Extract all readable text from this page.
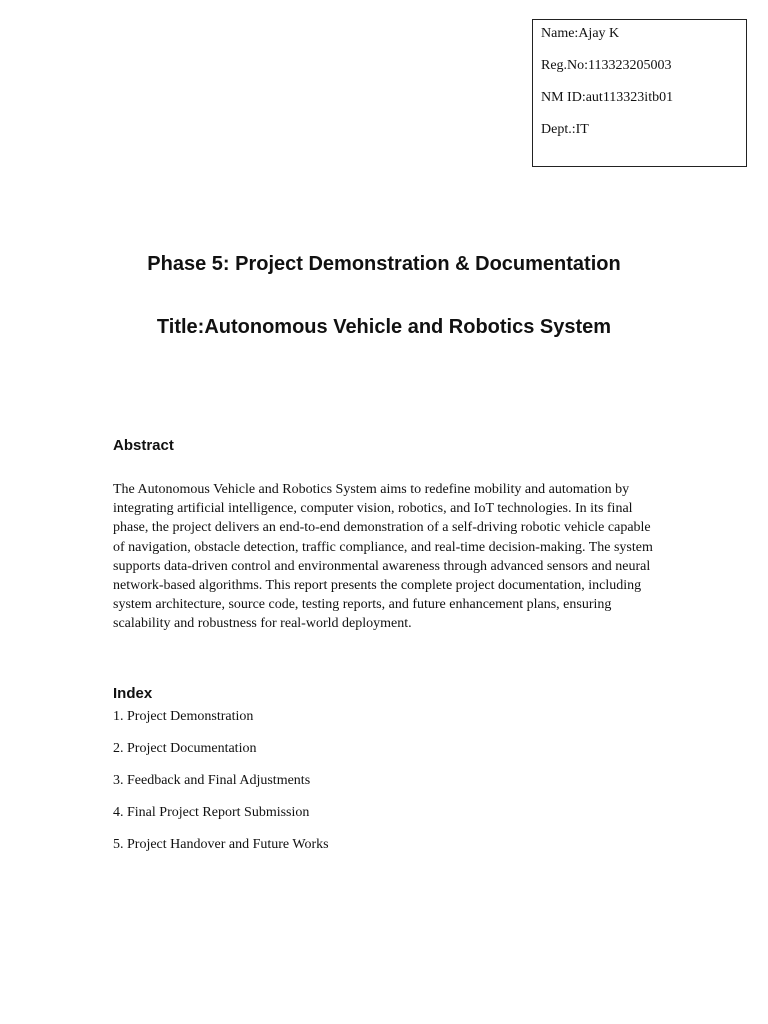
Name:Ajay K
Reg.No:113323205003
NM ID:aut113323itb01
Dept.:IT
Phase 5: Project Demonstration & Documentation
Title:Autonomous Vehicle and Robotics System
Abstract
The Autonomous Vehicle and Robotics System aims to redefine mobility and automation by integrating artificial intelligence, computer vision, robotics, and IoT technologies. In its final phase, the project delivers an end-to-end demonstration of a self-driving robotic vehicle capable of navigation, obstacle detection, traffic compliance, and real-time decision-making. The system supports data-driven control and environmental awareness through advanced sensors and neural network-based algorithms. This report presents the complete project documentation, including system architecture, source code, testing reports, and future enhancement plans, ensuring scalability and robustness for real-world deployment.
Index
1. Project Demonstration
2. Project Documentation
3. Feedback and Final Adjustments
4. Final Project Report Submission
5. Project Handover and Future Works
